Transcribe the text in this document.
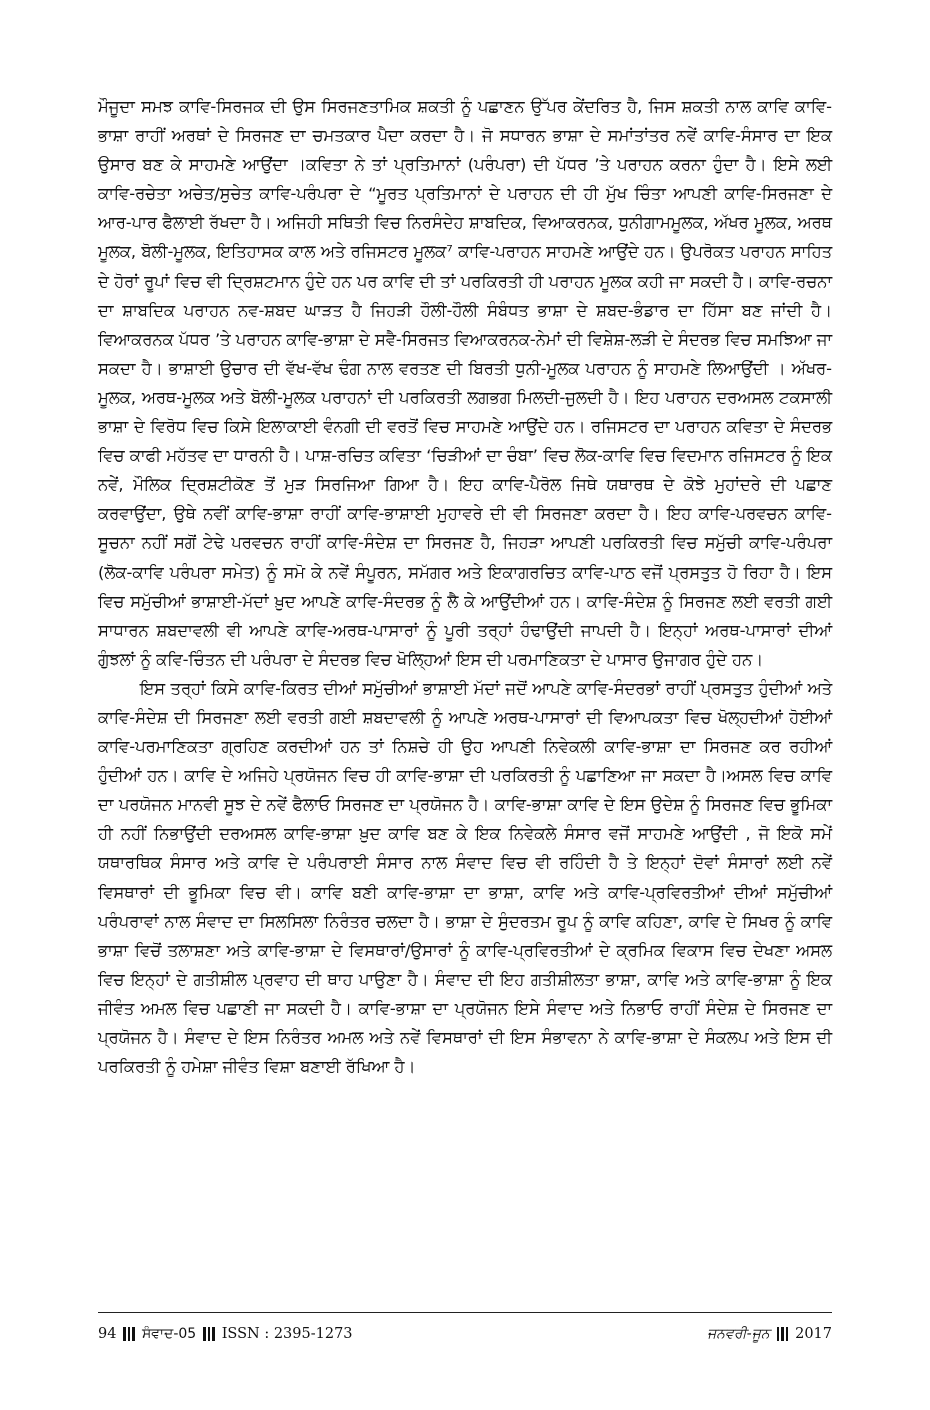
ਮੌਜੂਦਾ ਸਮਝ ਕਾਵਿ-ਸਿਰਜਕ ਦੀ ਉਸ ਸਿਰਜਣਤਾਮਿਕ ਸ਼ਕਤੀ ਨੂੰ ਪਛਾਣਨ ਉੱਪਰ ਕੇਂਦਰਿਤ ਹੈ, ਜਿਸ ਸ਼ਕਤੀ ਨਾਲ ਕਾਵਿ ਕਾਵਿ-ਭਾਸ਼ਾ ਰਾਹੀਂ ਅਰਥਾਂ ਦੇ ਸਿਰਜਣ ਦਾ ਚਮਤਕਾਰ ਪੈਦਾ ਕਰਦਾ ਹੈ। ਜੋ ਸਧਾਰਨ ਭਾਸ਼ਾ ਦੇ ਸਮਾਂਤਾਂਤਰ ਨਵੇਂ ਕਾਵਿ-ਸੰਸਾਰ ਦਾ ਇਕ ਉਸਾਰ ਬਣ ਕੇ ਸਾਹਮਣੇ ਆਉਂਦਾ ।ਕਵਿਤਾ ਨੇ ਤਾਂ ਪ੍ਰਤਿਮਾਨਾਂ (ਪਰੰਪਰਾ) ਦੀ ਪੱਧਰ ’ਤੇ ਪਰਾਹਨ ਕਰਨਾ ਹੁੰਦਾ ਹੈ। ਇਸੇ ਲਈ ਕਾਵਿ-ਰਚੇਤਾ ਅਚੇਤ/ਸੁਚੇਤ ਕਾਵਿ-ਪਰੰਪਰਾ ਦੇ “ਮੂਰਤ ਪ੍ਰਤਿਮਾਨਾਂ ਦੇ ਪਰਾਹਨ ਦੀ ਹੀ ਮੁੱਖ ਚਿੰਤਾ ਆਪਣੀ ਕਾਵਿ-ਸਿਰਜਣਾ ਦੇ ਆਰ-ਪਾਰ ਫੈਲਾਈ ਰੱਖਦਾ ਹੈ। ਅਜਿਹੀ ਸਥਿਤੀ ਵਿਚ ਨਿਰਸੰਦੇਹ ਸ਼ਾਬਦਿਕ, ਵਿਆਕਰਨਕ, ਧੁਨੀਗਾਮਮੂਲਕ, ਅੱਖਰ ਮੂਲਕ, ਅਰਥ ਮੂਲਕ, ਬੋਲੀ-ਮੂਲਕ, ਇਤਿਹਾਸਕ ਕਾਲ ਅਤੇ ਰਜਿਸਟਰ ਮੂਲਕ⁷ ਕਾਵਿ-ਪਰਾਹਨ ਸਾਹਮਣੇ ਆਉਂਦੇ ਹਨ। ਉਪਰੋਕਤ ਪਰਾਹਨ ਸਾਹਿਤ ਦੇ ਹੋਰਾਂ ਰੂਪਾਂ ਵਿਚ ਵੀ ਦ੍ਰਿਸ਼ਟਮਾਨ ਹੁੰਦੇ ਹਨ ਪਰ ਕਾਵਿ ਦੀ ਤਾਂ ਪਰਕਿਰਤੀ ਹੀ ਪਰਾਹਨ ਮੂਲਕ ਕਹੀ ਜਾ ਸਕਦੀ ਹੈ। ਕਾਵਿ-ਰਚਨਾ ਦਾ ਸ਼ਾਬਦਿਕ ਪਰਾਹਨ ਨਵ-ਸ਼ਬਦ ਘਾੜਤ ਹੈ ਜਿਹੜੀ ਹੌਲੀ-ਹੌਲੀ ਸੰਬੰਧਤ ਭਾਸ਼ਾ ਦੇ ਸ਼ਬਦ-ਭੰਡਾਰ ਦਾ ਹਿੱਸਾ ਬਣ ਜਾਂਦੀ ਹੈ। ਵਿਆਕਰਨਕ ਪੱਧਰ ’ਤੇ ਪਰਾਹਨ ਕਾਵਿ-ਭਾਸ਼ਾ ਦੇ ਸਵੈ-ਸਿਰਜਤ ਵਿਆਕਰਨਕ-ਨੇਮਾਂ ਦੀ ਵਿਸ਼ੇਸ਼-ਲੜੀ ਦੇ ਸੰਦਰਭ ਵਿਚ ਸਮਝਿਆ ਜਾ ਸਕਦਾ ਹੈ। ਭਾਸ਼ਾਈ ਉਚਾਰ ਦੀ ਵੱਖ-ਵੱਖ ਢੰਗ ਨਾਲ ਵਰਤਣ ਦੀ ਬਿਰਤੀ ਧੁਨੀ-ਮੂਲਕ ਪਰਾਹਨ ਨੂੰ ਸਾਹਮਣੇ ਲਿਆਉਂਦੀ । ਅੱਖਰ-ਮੂਲਕ, ਅਰਥ-ਮੂਲਕ ਅਤੇ ਬੋਲੀ-ਮੂਲਕ ਪਰਾਹਨਾਂ ਦੀ ਪਰਕਿਰਤੀ ਲਗਭਗ ਮਿਲਦੀ-ਜੁਲਦੀ ਹੈ। ਇਹ ਪਰਾਹਨ ਦਰਅਸਲ ਟਕਸਾਲੀ ਭਾਸ਼ਾ ਦੇ ਵਿਰੋਧ ਵਿਚ ਕਿਸੇ ਇਲਾਕਾਈ ਵੰਨਗੀ ਦੀ ਵਰਤੋਂ ਵਿਚ ਸਾਹਮਣੇ ਆਉਂਦੇ ਹਨ। ਰਜਿਸਟਰ ਦਾ ਪਰਾਹਨ ਕਵਿਤਾ ਦੇ ਸੰਦਰਭ ਵਿਚ ਕਾਫੀ ਮਹੱਤਵ ਦਾ ਧਾਰਨੀ ਹੈ। ਪਾਸ਼-ਰਚਿਤ ਕਵਿਤਾ ‘ਚਿੜੀਆਂ ਦਾ ਚੰਬਾ’ ਵਿਚ ਲੋਕ-ਕਾਵਿ ਵਿਚ ਵਿਦਮਾਨ ਰਜਿਸਟਰ ਨੂੰ ਇਕ ਨਵੇਂ, ਮੌਲਿਕ ਦ੍ਰਿਸ਼ਟੀਕੋਣ ਤੋਂ ਮੁੜ ਸਿਰਜਿਆ ਗਿਆ ਹੈ। ਇਹ ਕਾਵਿ-ਪੈਰੋਲ ਜਿਥੇ ਯਥਾਰਥ ਦੇ ਕੋਝੇ ਮੁਹਾਂਦਰੇ ਦੀ ਪਛਾਣ ਕਰਵਾਉਂਦਾ, ਉਥੇ ਨਵੀਂ ਕਾਵਿ-ਭਾਸ਼ਾ ਰਾਹੀਂ ਕਾਵਿ-ਭਾਸ਼ਾਈ ਮੁਹਾਵਰੇ ਦੀ ਵੀ ਸਿਰਜਣਾ ਕਰਦਾ ਹੈ। ਇਹ ਕਾਵਿ-ਪਰਵਚਨ ਕਾਵਿ-ਸੂਚਨਾ ਨਹੀਂ ਸਗੋਂ ਟੇਢੇ ਪਰਵਚਨ ਰਾਹੀਂ ਕਾਵਿ-ਸੰਦੇਸ਼ ਦਾ ਸਿਰਜਣ ਹੈ, ਜਿਹੜਾ ਆਪਣੀ ਪਰਕਿਰਤੀ ਵਿਚ ਸਮੁੱਚੀ ਕਾਵਿ-ਪਰੰਪਰਾ (ਲੋਕ-ਕਾਵਿ ਪਰੰਪਰਾ ਸਮੇਤ) ਨੂੰ ਸਮੋ ਕੇ ਨਵੇਂ ਸੰਪੂਰਨ, ਸਮੱਗਰ ਅਤੇ ਇਕਾਗਰਚਿਤ ਕਾਵਿ-ਪਾਠ ਵਜੋਂ ਪ੍ਰਸਤੁਤ ਹੋ ਰਿਹਾ ਹੈ। ਇਸ ਵਿਚ ਸਮੁੱਚੀਆਂ ਭਾਸ਼ਾਈ-ਮੱਦਾਂ ਖ਼ੁਦ ਆਪਣੇ ਕਾਵਿ-ਸੰਦਰਭ ਨੂੰ ਲੈ ਕੇ ਆਉਂਦੀਆਂ ਹਨ। ਕਾਵਿ-ਸੰਦੇਸ਼ ਨੂੰ ਸਿਰਜਣ ਲਈ ਵਰਤੀ ਗਈ ਸਾਧਾਰਨ ਸ਼ਬਦਾਵਲੀ ਵੀ ਆਪਣੇ ਕਾਵਿ-ਅਰਥ-ਪਾਸਾਰਾਂ ਨੂੰ ਪੂਰੀ ਤਰ੍ਹਾਂ ਹੰਢਾਉਂਦੀ ਜਾਪਦੀ ਹੈ। ਇਨ੍ਹਾਂ ਅਰਥ-ਪਾਸਾਰਾਂ ਦੀਆਂ ਗੁੰਝਲਾਂ ਨੂੰ ਕਵਿ-ਚਿੰਤਨ ਦੀ ਪਰੰਪਰਾ ਦੇ ਸੰਦਰਭ ਵਿਚ ਖੋਲ੍ਹਿਆਂ ਇਸ ਦੀ ਪਰਮਾਣਿਕਤਾ ਦੇ ਪਾਸਾਰ ਉਜਾਗਰ ਹੁੰਦੇ ਹਨ।

ਇਸ ਤਰ੍ਹਾਂ ਕਿਸੇ ਕਾਵਿ-ਕਿਰਤ ਦੀਆਂ ਸਮੁੱਚੀਆਂ ਭਾਸ਼ਾਈ ਮੱਦਾਂ ਜਦੋਂ ਆਪਣੇ ਕਾਵਿ-ਸੰਦਰਭਾਂ ਰਾਹੀਂ ਪ੍ਰਸਤੁਤ ਹੁੰਦੀਆਂ ਅਤੇ ਕਾਵਿ-ਸੰਦੇਸ਼ ਦੀ ਸਿਰਜਣਾ ਲਈ ਵਰਤੀ ਗਈ ਸ਼ਬਦਾਵਲੀ ਨੂੰ ਆਪਣੇ ਅਰਥ-ਪਾਸਾਰਾਂ ਦੀ ਵਿਆਪਕਤਾ ਵਿਚ ਖੋਲ੍ਹਦੀਆਂ ਹੋਈਆਂ ਕਾਵਿ-ਪਰਮਾਣਿਕਤਾ ਗ੍ਰਹਿਣ ਕਰਦੀਆਂ ਹਨ ਤਾਂ ਨਿਸ਼ਚੇ ਹੀ ਉਹ ਆਪਣੀ ਨਿਵੇਕਲੀ ਕਾਵਿ-ਭਾਸ਼ਾ ਦਾ ਸਿਰਜਣ ਕਰ ਰਹੀਆਂ ਹੁੰਦੀਆਂ ਹਨ। ਕਾਵਿ ਦੇ ਅਜਿਹੇ ਪ੍ਰਯੋਜਨ ਵਿਚ ਹੀ ਕਾਵਿ-ਭਾਸ਼ਾ ਦੀ ਪਰਕਿਰਤੀ ਨੂੰ ਪਛਾਣਿਆ ਜਾ ਸਕਦਾ ਹੈ।ਅਸਲ ਵਿਚ ਕਾਵਿ ਦਾ ਪਰਯੋਜਨ ਮਾਨਵੀ ਸੂਝ ਦੇ ਨਵੇਂ ਫੈਲਾਓ ਸਿਰਜਣ ਦਾ ਪ੍ਰਯੋਜਨ ਹੈ। ਕਾਵਿ-ਭਾਸ਼ਾ ਕਾਵਿ ਦੇ ਇਸ ਉਦੇਸ਼ ਨੂੰ ਸਿਰਜਣ ਵਿਚ ਭੂਮਿਕਾ ਹੀ ਨਹੀਂ ਨਿਭਾਉਂਦੀ ਦਰਅਸਲ ਕਾਵਿ-ਭਾਸ਼ਾ ਖ਼ੁਦ ਕਾਵਿ ਬਣ ਕੇ ਇਕ ਨਿਵੇਕਲੇ ਸੰਸਾਰ ਵਜੋਂ ਸਾਹਮਣੇ ਆਉਂਦੀ , ਜੋ ਇਕੋ ਸਮੇਂ ਯਥਾਰਥਿਕ ਸੰਸਾਰ ਅਤੇ ਕਾਵਿ ਦੇ ਪਰੰਪਰਾਈ ਸੰਸਾਰ ਨਾਲ ਸੰਵਾਦ ਵਿਚ ਵੀ ਰਹਿੰਦੀ ਹੈ ਤੇ ਇਨ੍ਹਾਂ ਦੋਵਾਂ ਸੰਸਾਰਾਂ ਲਈ ਨਵੇਂ ਵਿਸਥਾਰਾਂ ਦੀ ਭੂਮਿਕਾ ਵਿਚ ਵੀ। ਕਾਵਿ ਬਣੀ ਕਾਵਿ-ਭਾਸ਼ਾ ਦਾ ਭਾਸ਼ਾ, ਕਾਵਿ ਅਤੇ ਕਾਵਿ-ਪ੍ਰਵਿਰਤੀਆਂ ਦੀਆਂ ਸਮੁੱਚੀਆਂ ਪਰੰਪਰਾਵਾਂ ਨਾਲ ਸੰਵਾਦ ਦਾ ਸਿਲਸਿਲਾ ਨਿਰੰਤਰ ਚਲਦਾ ਹੈ। ਭਾਸ਼ਾ ਦੇ ਸੁੰਦਰਤਮ ਰੂਪ ਨੂੰ ਕਾਵਿ ਕਹਿਣਾ, ਕਾਵਿ ਦੇ ਸਿਖਰ ਨੂੰ ਕਾਵਿ ਭਾਸ਼ਾ ਵਿਚੋਂ ਤਲਾਸ਼ਣਾ ਅਤੇ ਕਾਵਿ-ਭਾਸ਼ਾ ਦੇ ਵਿਸਥਾਰਾਂ/ਉਸਾਰਾਂ ਨੂੰ ਕਾਵਿ-ਪ੍ਰਵਿਰਤੀਆਂ ਦੇ ਕ੍ਰਮਿਕ ਵਿਕਾਸ ਵਿਚ ਦੇਖਣਾ ਅਸਲ ਵਿਚ ਇਨ੍ਹਾਂ ਦੇ ਗਤੀਸ਼ੀਲ ਪ੍ਰਵਾਹ ਦੀ ਥਾਹ ਪਾਉਣਾ ਹੈ। ਸੰਵਾਦ ਦੀ ਇਹ ਗਤੀਸ਼ੀਲਤਾ ਭਾਸ਼ਾ, ਕਾਵਿ ਅਤੇ ਕਾਵਿ-ਭਾਸ਼ਾ ਨੂੰ ਇਕ ਜੀਵੰਤ ਅਮਲ ਵਿਚ ਪਛਾਣੀ ਜਾ ਸਕਦੀ ਹੈ। ਕਾਵਿ-ਭਾਸ਼ਾ ਦਾ ਪ੍ਰਯੋਜਨ ਇਸੇ ਸੰਵਾਦ ਅਤੇ ਨਿਭਾਓ ਰਾਹੀਂ ਸੰਦੇਸ਼ ਦੇ ਸਿਰਜਣ ਦਾ ਪ੍ਰਯੋਜਨ ਹੈ। ਸੰਵਾਦ ਦੇ ਇਸ ਨਿਰੰਤਰ ਅਮਲ ਅਤੇ ਨਵੇਂ ਵਿਸਥਾਰਾਂ ਦੀ ਇਸ ਸੰਭਾਵਨਾ ਨੇ ਕਾਵਿ-ਭਾਸ਼ਾ ਦੇ ਸੰਕਲਪ ਅਤੇ ਇਸ ਦੀ ਪਰਕਿਰਤੀ ਨੂੰ ਹਮੇਸ਼ਾ ਜੀਵੰਤ ਵਿਸ਼ਾ ਬਣਾਈ ਰੱਖਿਆ ਹੈ।

94 ਸੰਵਾਦ-05 ISSN : 2395-1273	ਜਨਵਰੀ-ਜੂਨ 2017
